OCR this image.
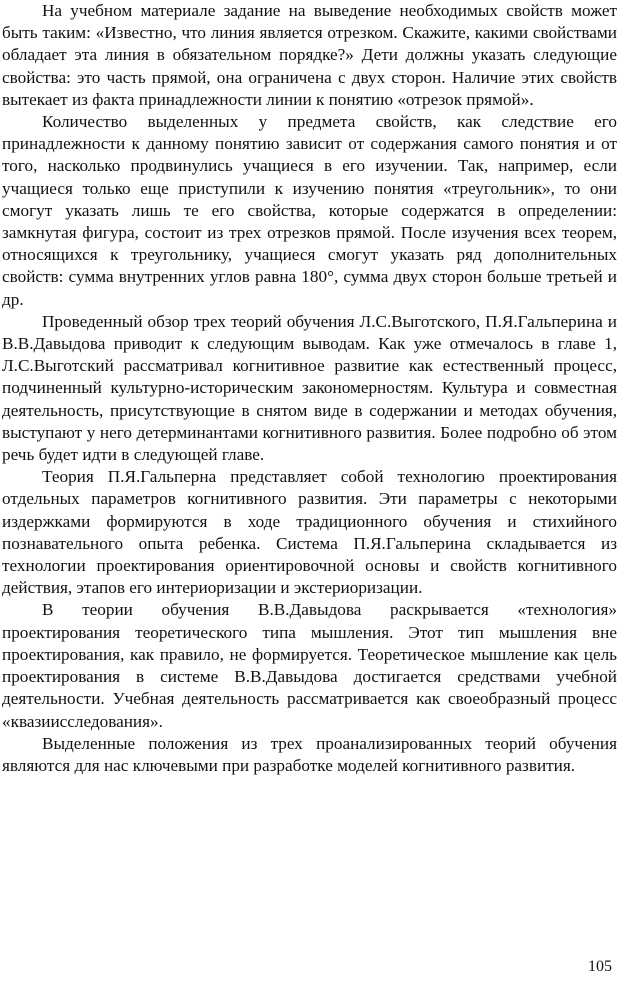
На учебном материале задание на выведение необходимых свойств может быть таким: «Известно, что линия является отрезком. Скажите, какими свойствами обладает эта линия в обязательном порядке?» Дети должны указать следующие свойства: это часть прямой, она ограничена с двух сторон. Наличие этих свойств вытекает из факта принадлежности линии к понятию «отрезок прямой».

Количество выделенных у предмета свойств, как следствие его принадлежности к данному понятию зависит от содержания самого понятия и от того, насколько продвинулись учащиеся в его изучении. Так, например, если учащиеся только еще приступили к изучению понятия «треугольник», то они смогут указать лишь те его свойства, которые содержатся в определении: замкнутая фигура, состоит из трех отрезков прямой. После изучения всех теорем, относящихся к треугольнику, учащиеся смогут указать ряд дополнительных свойств: сумма внутренних углов равна 180°, сумма двух сторон больше третьей и др.

Проведенный обзор трех теорий обучения Л.С.Выготского, П.Я.Гальперина и В.В.Давыдова приводит к следующим выводам. Как уже отмечалось в главе 1, Л.С.Выготский рассматривал когнитивное развитие как естественный процесс, подчиненный культурно-историческим закономерностям. Культура и совместная деятельность, присутствующие в снятом виде в содержании и методах обучения, выступают у него детерминантами когнитивного развития. Более подробно об этом речь будет идти в следующей главе.

Теория П.Я.Гальперна представляет собой технологию проектирования отдельных параметров когнитивного развития. Эти параметры с некоторыми издержками формируются в ходе традиционного обучения и стихийного познавательного опыта ребенка. Система П.Я.Гальперина складывается из технологии проектирования ориентировочной основы и свойств когнитивного действия, этапов его интериоризации и экстериоризации.

В теории обучения В.В.Давыдова раскрывается «технология» проектирования теоретического типа мышления. Этот тип мышления вне проектирования, как правило, не формируется. Теоретическое мышление как цель проектирования в системе В.В.Давыдова достигается средствами учебной деятельности. Учебная деятельность рассматривается как своеобразный процесс «квазиисследования».

Выделенные положения из трех проанализированных теорий обучения являются для нас ключевыми при разработке моделей когнитивного развития.

105
